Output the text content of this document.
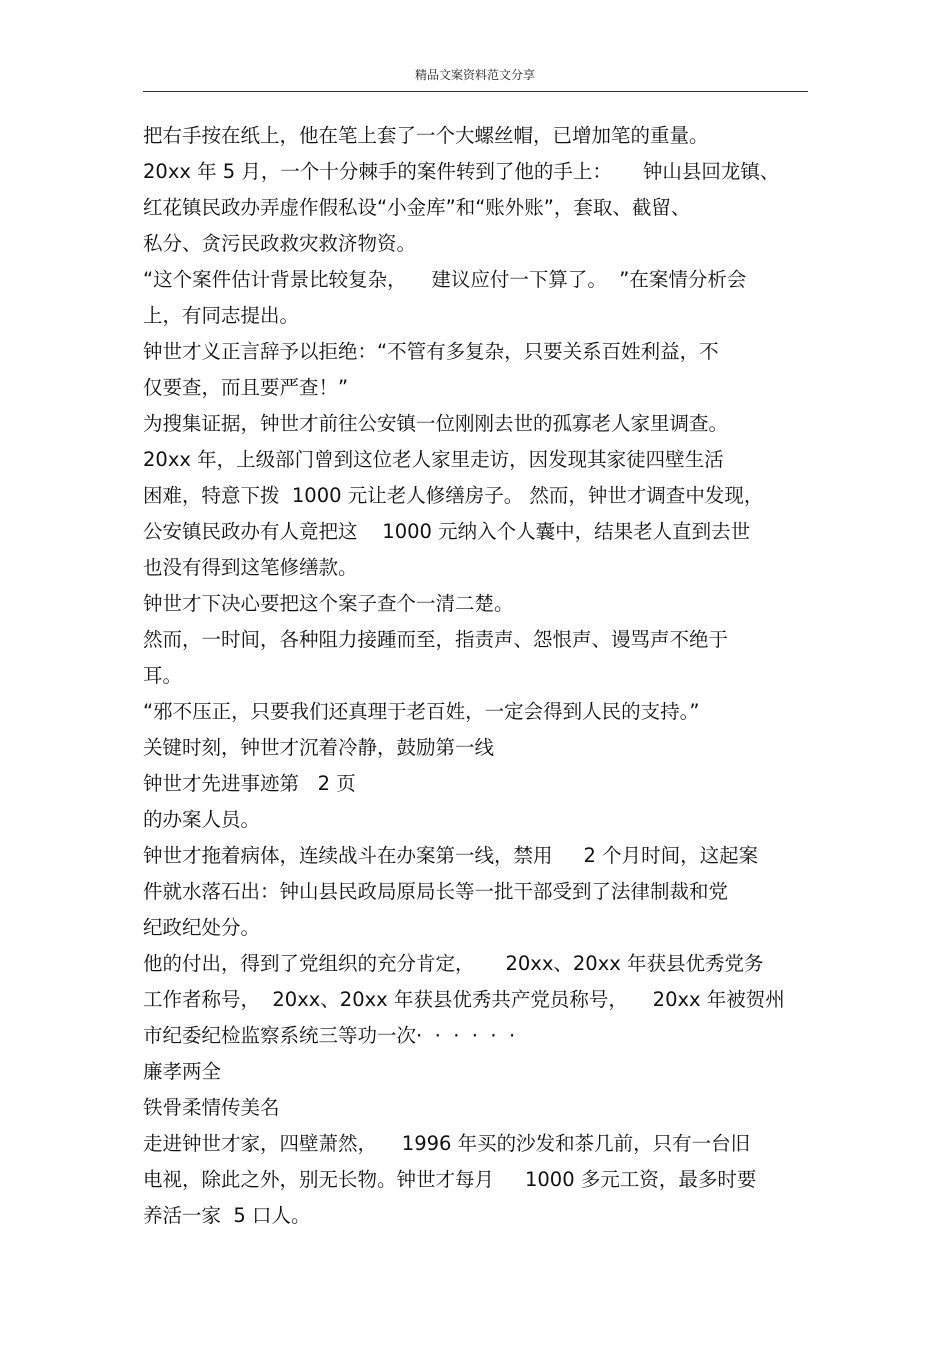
精品文案资料范文分享
把右手按在纸上，他在笔上套了一个大螺丝帽，已增加笔的重量。
20xx 年 5 月，一个十分棘手的案件转到了他的手上：     钟山县回龙镇、
红花镇民政办弄虚作假私设“小金库”和“账外账”，套取、截留、
私分、贪污民政救灾救济物资。
“这个案件估计背景比较复杂，    建议应付一下算了。  ”在案情分析会
上，有同志提出。
钟世才义正言辞予以拒绝：“不管有多复杂，只要关系百姓利益，不
仅要查，而且要严查！”
为搜集证据，钟世才前往公安镇一位刚刚去世的孤寡老人家里调查。
20xx 年，上级部门曾到这位老人家里走访，因发现其家徒四壁生活
困难，特意下拨  1000 元让老人修缮房子。 然而，钟世才调查中发现，
公安镇民政办有人竟把这    1000 元纳入个人囊中，结果老人直到去世
也没有得到这笔修缮款。
钟世才下决心要把这个案子查个一清二楚。
然而，一时间，各种阻力接踵而至，指责声、怨恨声、谩骂声不绝于
耳。
“邪不压正，只要我们还真理于老百姓，一定会得到人民的支持。”
关键时刻，钟世才沉着冷静，鼓励第一线
钟世才先进事迹第   2 页
的办案人员。
钟世才拖着病体，连续战斗在办案第一线，禁用     2 个月时间，这起案
件就水落石出：钟山县民政局原局长等一批干部受到了法律制裁和党
纪政纪处分。
他的付出，得到了党组织的充分肯定，     20xx、20xx 年获县优秀党务
工作者称号，  20xx、20xx 年获县优秀共产党员称号，    20xx 年被贺州
市纪委纪检监察系统三等功一次·  ·  ·  ·  ·  ·
廉孝两全
铁骨柔情传美名
走进钟世才家，四壁萧然，    1996 年买的沙发和茶几前，只有一台旧
电视，除此之外，别无长物。钟世才每月     1000 多元工资，最多时要
养活一家  5 口人。
